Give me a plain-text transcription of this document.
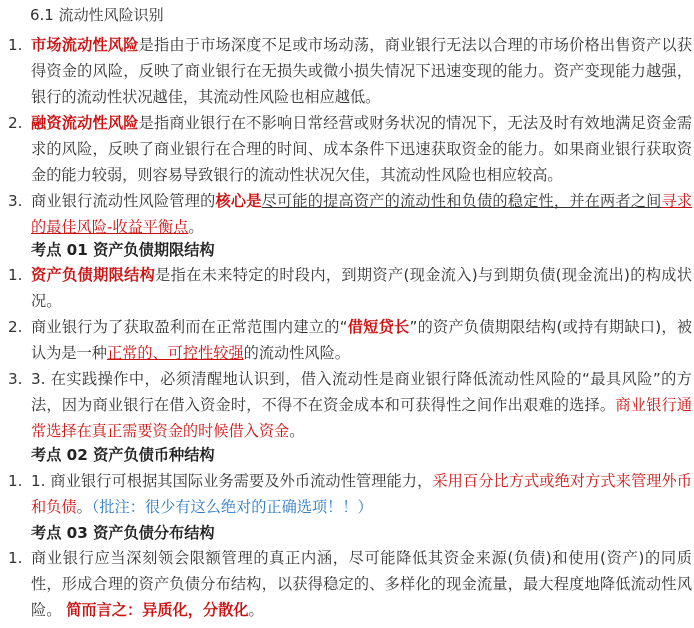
6.1 流动性风险识别
1. 市场流动性风险是指由于市场深度不足或市场动荡，商业银行无法以合理的市场价格出售资产以获得资金的风险，反映了商业银行在无损失或微小损失情况下迅速变现的能力。资产变现能力越强，银行的流动性状况越佳，其流动性风险也相应越低。
2. 融资流动性风险是指商业银行在不影响日常经营或财务状况的情况下，无法及时有效地满足资金需求的风险，反映了商业银行在合理的时间、成本条件下迅速获取资金的能力。如果商业银行获取资金的能力较弱，则容易导致银行的流动性状况欠佳，其流动性风险也相应较高。
3. 商业银行流动性风险管理的核心是尽可能的提高资产的流动性和负债的稳定性，并在两者之间寻求的最佳风险-收益平衡点。
考点 01 资产负债期限结构
1. 资产负债期限结构是指在未来特定的时段内，到期资产(现金流入)与到期负债(现金流出)的构成状况。
2. 商业银行为了获取盈利而在正常范围内建立的“借短贷长”的资产负债期限结构(或持有期缺口)，被认为是一种正常的、可控性较强的流动性风险。
3. 3. 在实践操作中，必须清醒地认识到，借入流动性是商业银行降低流动性风险的“最具风险”的方法，因为商业银行在借入资金时，不得不在资金成本和可获得性之间作出艰难的选择。商业银行通常选择在真正需要资金的时候借入资金。
考点 02 资产负债币种结构
1. 1. 商业银行可根据其国际业务需要及外币流动性管理能力，采用百分比方式或绝对方式来管理外币和负债。（批注：很少有这么绝对的正确选项！！）
考点 03 资产负债分布结构
1. 商业银行应当深刻领会限额管理的真正内涵，尽可能降低其资金来源(负债)和使用(资产)的同质性，形成合理的资产负债分布结构，以获得稳定的、多样化的现金流量，最大程度地降低流动性风险。 简而言之：异质化，分散化。
